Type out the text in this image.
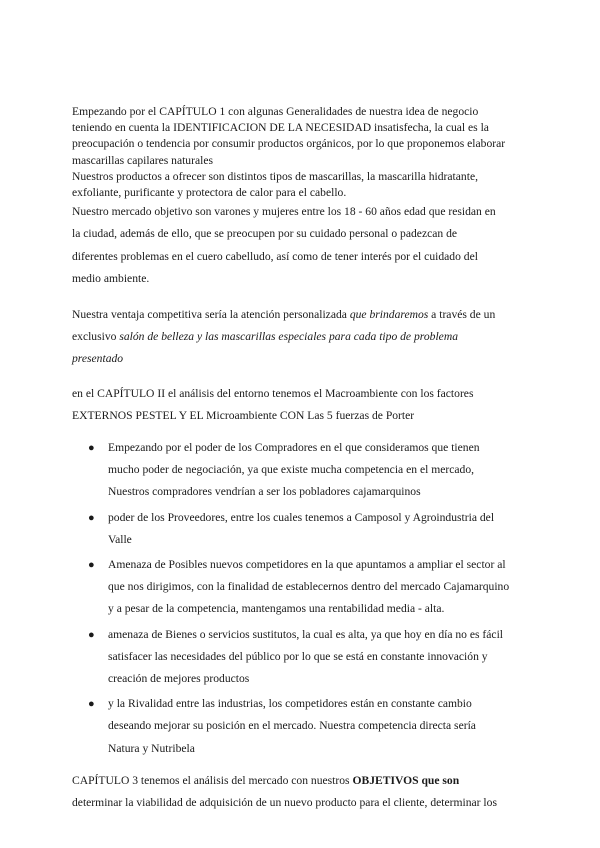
Empezando por el CAPÍTULO 1 con algunas Generalidades de nuestra idea de negocio
teniendo en cuenta la IDENTIFICACION DE LA NECESIDAD insatisfecha, la cual es la
preocupación o tendencia por consumir productos orgánicos, por lo que proponemos elaborar
mascarillas capilares naturales
Nuestros productos a ofrecer son distintos tipos de mascarillas, la mascarilla hidratante,
exfoliante, purificante y protectora de calor para el cabello.

Nuestro mercado objetivo son varones y mujeres entre los 18 - 60 años edad que residan en
la ciudad, además de ello, que se preocupen por su cuidado personal o padezcan de
diferentes problemas en el cuero cabelludo, así como de tener interés por el cuidado del
medio ambiente.

Nuestra ventaja competitiva sería la atención personalizada que brindaremos a través de un
exclusivo salón de belleza y las mascarillas especiales para cada tipo de problema
presentado

en el CAPÍTULO II el análisis del entorno tenemos el Macroambiente con los factores
EXTERNOS PESTEL Y EL Microambiente CON Las 5 fuerzas de Porter

● Empezando por el poder de los Compradores en el que consideramos que tienen
mucho poder de negociación, ya que existe mucha competencia en el mercado,
Nuestros compradores vendrían a ser los pobladores cajamarquinos
● poder de los Proveedores, entre los cuales tenemos a Camposol y Agroindustria del
Valle
● Amenaza de Posibles nuevos competidores en la que apuntamos a ampliar el sector al
que nos dirigimos, con la finalidad de establecernos dentro del mercado Cajamarquino
y a pesar de la competencia, mantengamos una rentabilidad media - alta.
● amenaza de Bienes o servicios sustitutos, la cual es alta, ya que hoy en día no es fácil
satisfacer las necesidades del público por lo que se está en constante innovación y
creación de mejores productos
● y la Rivalidad entre las industrias, los competidores están en constante cambio
deseando mejorar su posición en el mercado. Nuestra competencia directa sería
Natura y Nutribela

CAPÍTULO 3 tenemos el análisis del mercado con nuestros OBJETIVOS que son
determinar la viabilidad de adquisición de un nuevo producto para el cliente, determinar los
